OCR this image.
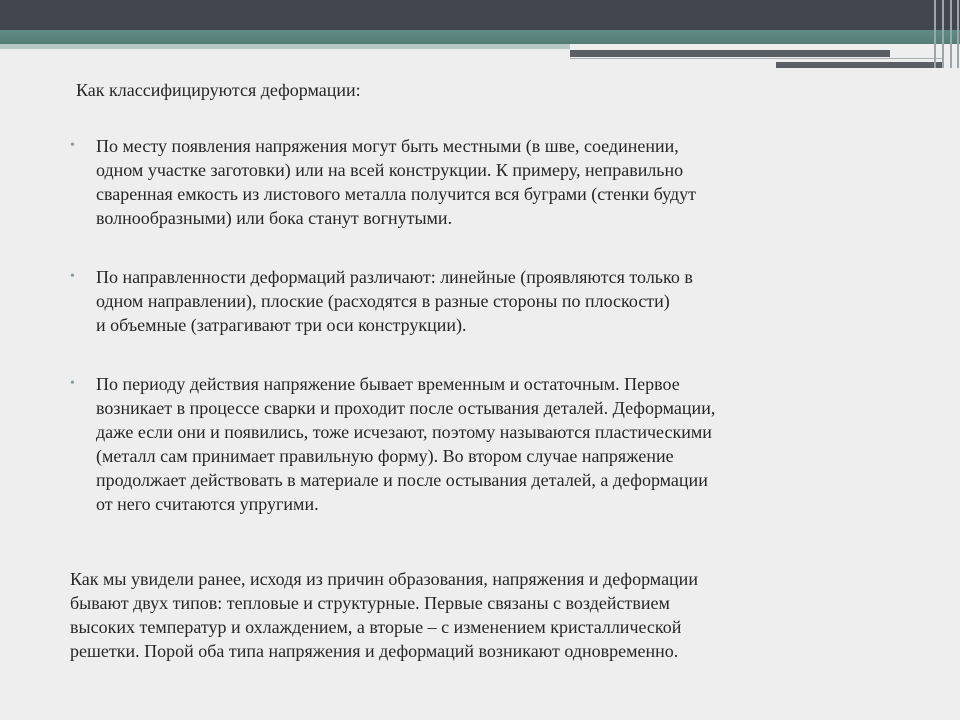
Как классифицируются деформации:

•	По месту появления напряжения могут быть местными (в шве, соединении,
одном участке заготовки) или на всей конструкции. К примеру, неправильно
сваренная емкость из листового металла получится вся буграми (стенки будут
волнообразными) или бока станут вогнутыми.
•	По направленности деформаций различают: линейные (проявляются только в
одном направлении), плоские (расходятся в разные стороны по плоскости)
и объемные (затрагивают три оси конструкции).
•	По периоду действия напряжение бывает временным и остаточным. Первое
возникает в процессе сварки и проходит после остывания деталей. Деформации,
даже если они и появились, тоже исчезают, поэтому называются пластическими
(металл сам принимает правильную форму). Во втором случае напряжение
продолжает действовать в материале и после остывания деталей, а деформации
от него считаются упругими.

Как мы увидели ранее, исходя из причин образования, напряжения и деформации
бывают двух типов: тепловые и структурные. Первые связаны с воздействием
высоких температур и охлаждением, а вторые – с изменением кристаллической
решетки. Порой оба типа напряжения и деформаций возникают одновременно.
